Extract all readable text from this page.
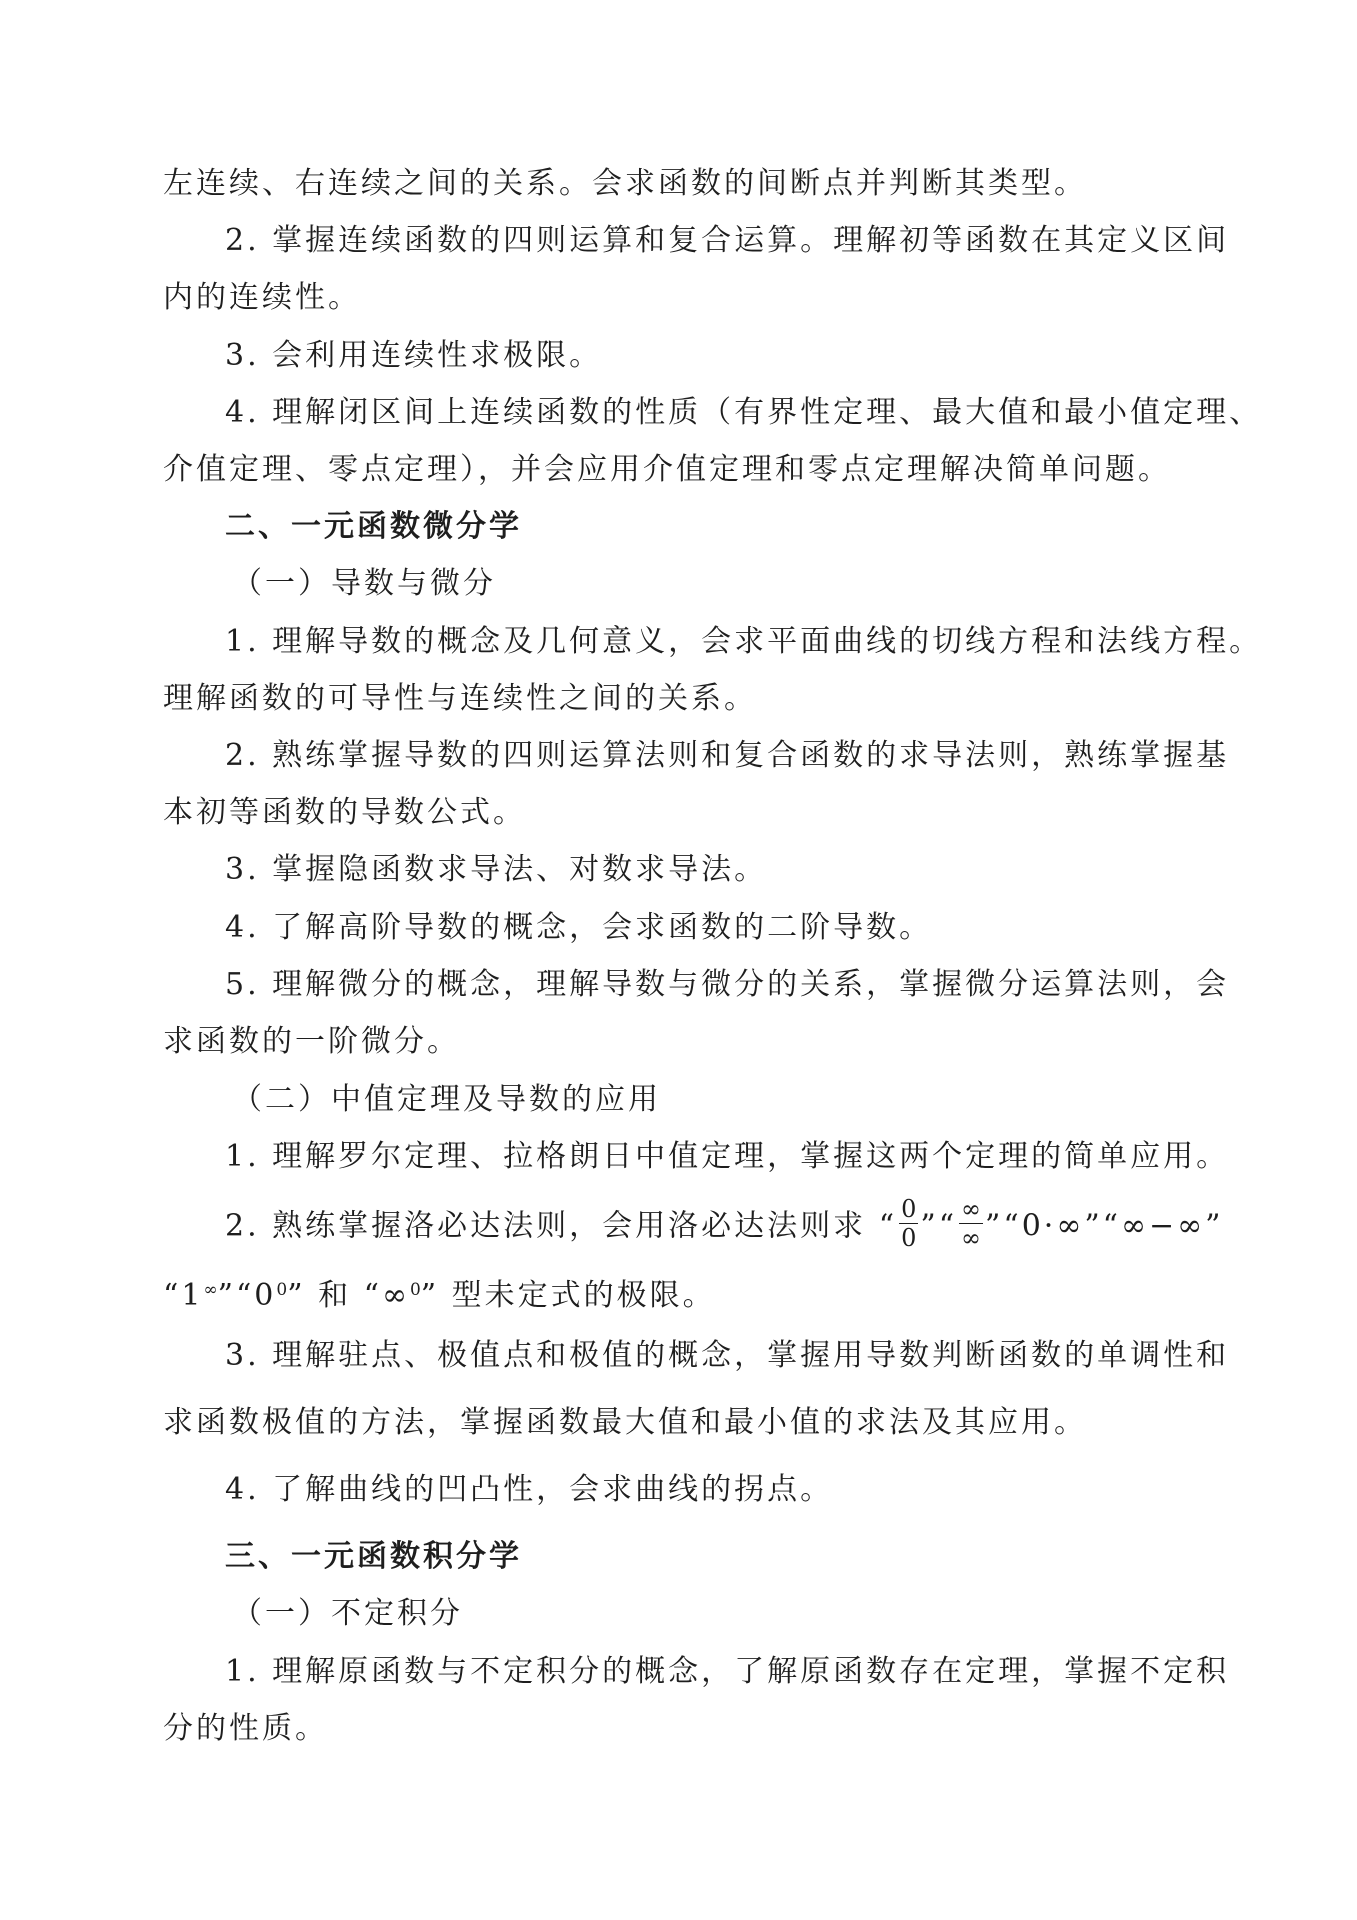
左连续、右连续之间的关系。会求函数的间断点并判断其类型。

2. 掌握连续函数的四则运算和复合运算。理解初等函数在其定义区间

内的连续性。

3. 会利用连续性求极限。

4. 理解闭区间上连续函数的性质（有界性定理、最大值和最小值定理、

介值定理、零点定理），并会应用介值定理和零点定理解决简单问题。

二、一元函数微分学

（一）导数与微分

1. 理解导数的概念及几何意义，会求平面曲线的切线方程和法线方程。

理解函数的可导性与连续性之间的关系。

2. 熟练掌握导数的四则运算法则和复合函数的求导法则，熟练掌握基

本初等函数的导数公式。

3. 掌握隐函数求导法、对数求导法。

4. 了解高阶导数的概念，会求函数的二阶导数。

5. 理解微分的概念，理解导数与微分的关系，掌握微分运算法则，会

求函数的一阶微分。

（二）中值定理及导数的应用

1. 理解罗尔定理、拉格朗日中值定理，掌握这两个定理的简单应用。

2. 熟练掌握洛必达法则，会用洛必达法则求 “ $\frac{0}{0}$ ”“ $\frac{\infty}{\infty}$ ”“0·∞”“∞−∞”

“$1^\infty”“0^0$” 和 “∞$^0$” 型未定式的极限。

3. 理解驻点、极值点和极值的概念，掌握用导数判断函数的单调性和

求函数极值的方法，掌握函数最大值和最小值的求法及其应用。

4. 了解曲线的凹凸性，会求曲线的拐点。

三、一元函数积分学

（一）不定积分

1. 理解原函数与不定积分的概念，了解原函数存在定理，掌握不定积

分的性质。
